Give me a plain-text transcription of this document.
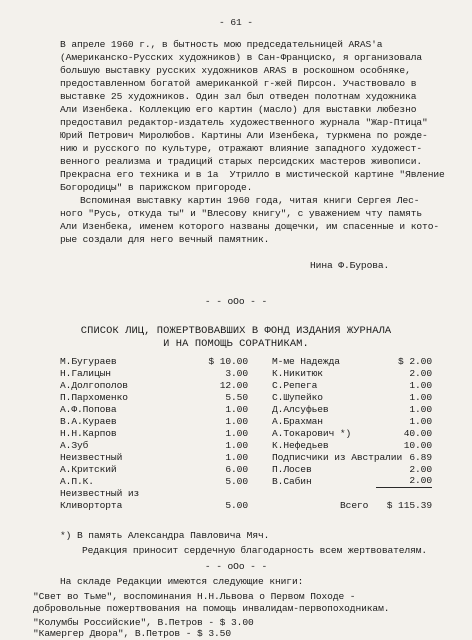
- 61 -
В апреле 1960 г., в бытность мою председательницей ARAS'а
(Американско-Русских художников) в Сан-Франциско, я организовала
большую выставку русских художников ARAS в роскошном особняке,
предоставленном богатой американкой г-жей Пирсон. Участвовало в
выставке 25 художников. Один зал был отведен полотнам художника
Али Изенбека. Коллекцию его картин (масло) для выставки любезно
предоставил редактор-издатель художественного журнала "Жар-Птица"
Юрий Петрович Миролюбов. Картины Али Изенбека, туркмена по рожде-
нию и русского по культуре, отражают влияние западного художест-
венного реализма и традиций старых персидских мастеров живописи.
Прекрасна его техника и в 1а  Утрилло в мистической картине "Явление
Богородицы" в парижском пригороде.
Вспоминая выставку картин 1960 года, читая книги Сергея Лес-
ного "Русь, откуда ты" и "Влесову книгу", с уважением чту память
Али Изенбека, именем которого названы дощечки, им спасенные и кото-
рые создали для него вечный памятник.
Нина Ф.Бурова.
- - oOo - -
СПИСОК ЛИЦ, ПОЖЕРТВОВАВШИХ В ФОНД ИЗДАНИЯ ЖУРНАЛА
И НА ПОМОЩЬ СОРАТНИКАМ.
М.Бугураев	$ 10.00
Н.Галицын	3.00
А.Долгополов	12.00
П.Пархоменко	5.50
А.Ф.Попова	1.00
В.А.Кураев	1.00
Н.Н.Карпов	1.00
А.Зуб	1.00
Неизвестный	1.00
А.Критский	6.00
А.П.К.	5.00
Неизвестный из
Кливорторта	5.00
М-ме Надежда	$ 2.00
К.Никитюк	2.00
С.Репега	1.00
С.Шупейко	1.00
Д.Алсуфьев	1.00
А.Брахман	1.00
А.Токарович *)	40.00
К.Нефедьев	10.00
Подписчики из Австралии 6.89
П.Лосев	2.00
В.Сабин	2.00
Всего	$ 115.39
*) В память Александра Павловича Мяч.
Редакция приносит сердечную благодарность всем жертвователям.
- - oOo - -
На складе Редакции имеются следующие книги:
"Свет во Тьме", воспоминания Н.Н.Львова о Первом Походе -
добровольные пожертвования на помощь инвалидам-первопоходникам.
"Колумбы Российские", В.Петров - $ 3.00
"Камергер Двора", В.Петров - $ 3.50
